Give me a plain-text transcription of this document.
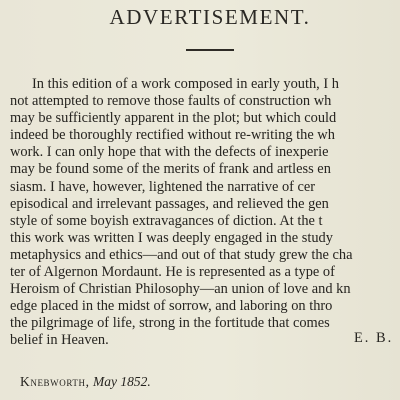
ADVERTISEMENT.
In this edition of a work composed in early youth, I h
not attempted to remove those faults of construction wh
may be sufficiently apparent in the plot; but which could
indeed be thoroughly rectified without re-writing the wh
work. I can only hope that with the defects of inexperie
may be found some of the merits of frank and artless en
siasm. I have, however, lightened the narrative of cer
episodical and irrelevant passages, and relieved the gen
style of some boyish extravagances of diction. At the t
this work was written I was deeply engaged in the study
metaphysics and ethics—and out of that study grew the cha
ter of Algernon Mordaunt. He is represented as a type of
Heroism of Christian Philosophy—an union of love and kn
edge placed in the midst of sorrow, and laboring on thro
the pilgrimage of life, strong in the fortitude that comes
belief in Heaven.	E. B.
Knebworth, May 1852.
